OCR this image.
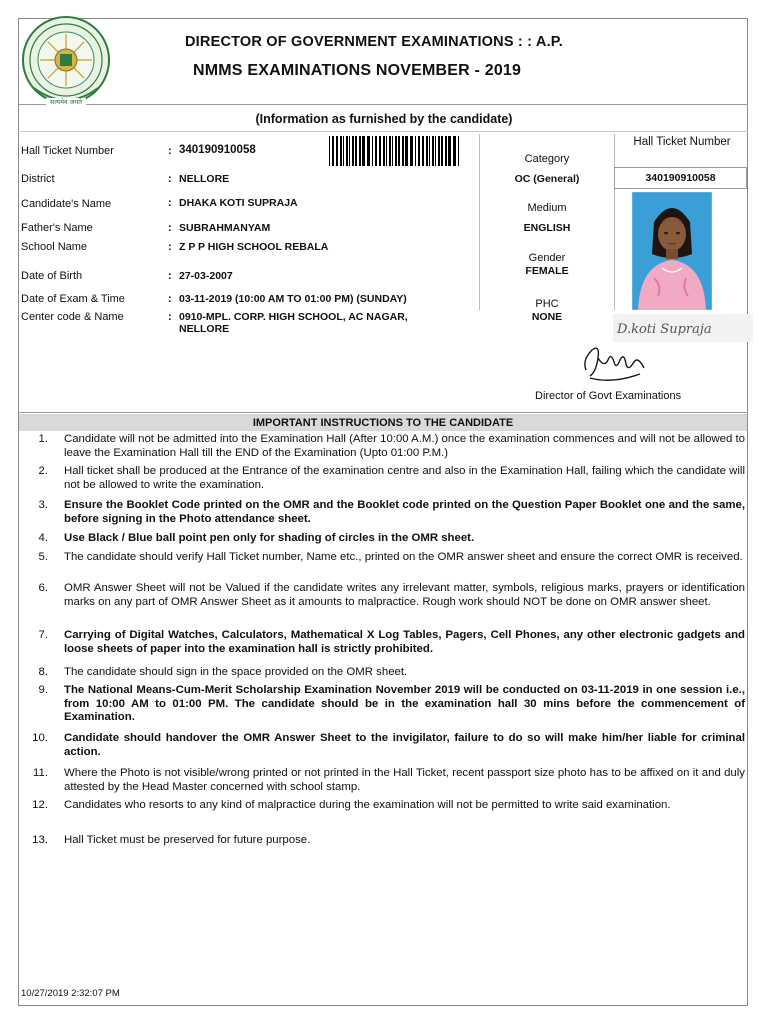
सत्यमेव जयते
DIRECTOR OF GOVERNMENT EXAMINATIONS : : A.P.
NMMS EXAMINATIONS NOVEMBER - 2019
(Information as furnished by the candidate)
Hall Ticket Number	: 340190910058
District	: NELLORE
Candidate's Name	: DHAKA KOTI SUPRAJA
Father's Name	: SUBRAHMANYAM
School Name	: Z P P HIGH SCHOOL REBALA
Date of Birth	: 27-03-2007
Date of Exam & Time	: 03-11-2019 (10:00 AM TO 01:00 PM) (SUNDAY)
Center code & Name	: 0910-MPL. CORP. HIGH SCHOOL, AC NAGAR,
NELLORE
Category
OC (General)
Medium
ENGLISH
Gender
FEMALE
PHC
NONE
Hall Ticket Number
340190910058
D.koti Supraja
Director of Govt Examinations
IMPORTANT INSTRUCTIONS TO THE CANDIDATE
1. Candidate will not be admitted into the Examination Hall (After 10:00 A.M.) once the examination commences and will not be allowed to leave the Examination Hall till the END of the Examination (Upto 01:00 P.M.)
2. Hall ticket shall be produced at the Entrance of the examination centre and also in the Examination Hall, failing which the candidate will not be allowed to write the examination.
3. Ensure the Booklet Code printed on the OMR and the Booklet code printed on the Question Paper Booklet one and the same, before signing in the Photo attendance sheet.
4. Use Black / Blue ball point pen only for shading of circles in the OMR sheet.
5. The candidate should verify Hall Ticket number, Name etc., printed on the OMR answer sheet and ensure the correct OMR is received.
6. OMR Answer Sheet will not be Valued if the candidate writes any irrelevant matter, symbols, religious marks, prayers or identification marks on any part of OMR Answer Sheet as it amounts to malpractice. Rough work should NOT be done on OMR answer sheet.
7. Carrying of Digital Watches, Calculators, Mathematical X Log Tables, Pagers, Cell Phones, any other electronic gadgets and loose sheets of paper into the examination hall is strictly prohibited.
8. The candidate should sign in the space provided on the OMR sheet.
9. The National Means-Cum-Merit Scholarship Examination November 2019 will be conducted on 03-11-2019 in one session i.e., from 10:00 AM to 01:00 PM. The candidate should be in the examination hall 30 mins before the commencement of Examination.
10. Candidate should handover the OMR Answer Sheet to the invigilator, failure to do so will make him/her liable for criminal action.
11. Where the Photo is not visible/wrong printed or not printed in the Hall Ticket, recent passport size photo has to be affixed on it and duly attested by the Head Master concerned with school stamp.
12. Candidates who resorts to any kind of malpractice during the examination will not be permitted to write said examination.
13. Hall Ticket must be preserved for future purpose.
10/27/2019 2:32:07 PM
